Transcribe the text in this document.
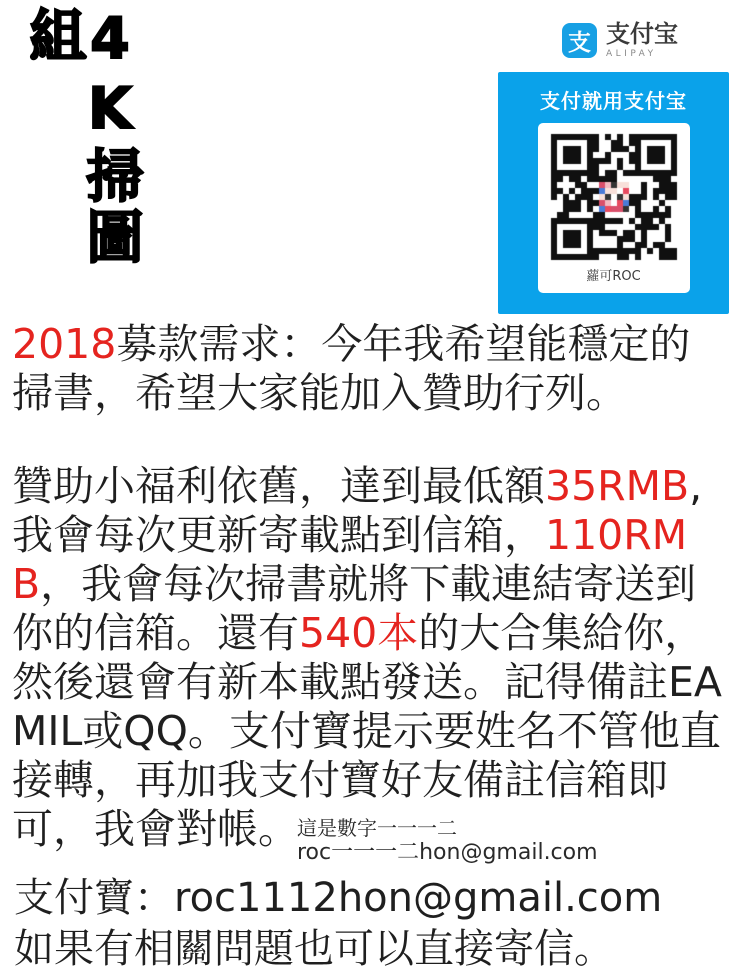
4K掃圖組	支 支付宝
ALIPAY
支付就用支付宝
蘿可ROC
2018募款需求：今年我希望能穩定的掃書，希望大家能加入贊助行列。
贊助小福利依舊，達到最低額35RMB,我會每次更新寄載點到信箱，110RMB，我會每次掃書就將下載連結寄送到你的信箱。還有540本的大合集給你，然後還會有新本載點發送。記得備註EAMIL或QQ。支付寶提示要姓名不管他直接轉，再加我支付寶好友備註信箱即可，我會對帳。
這是數字一一一二
roc一一一二hon@gmail.com
支付寶：roc1112hon@gmail.com
如果有相關問題也可以直接寄信。
